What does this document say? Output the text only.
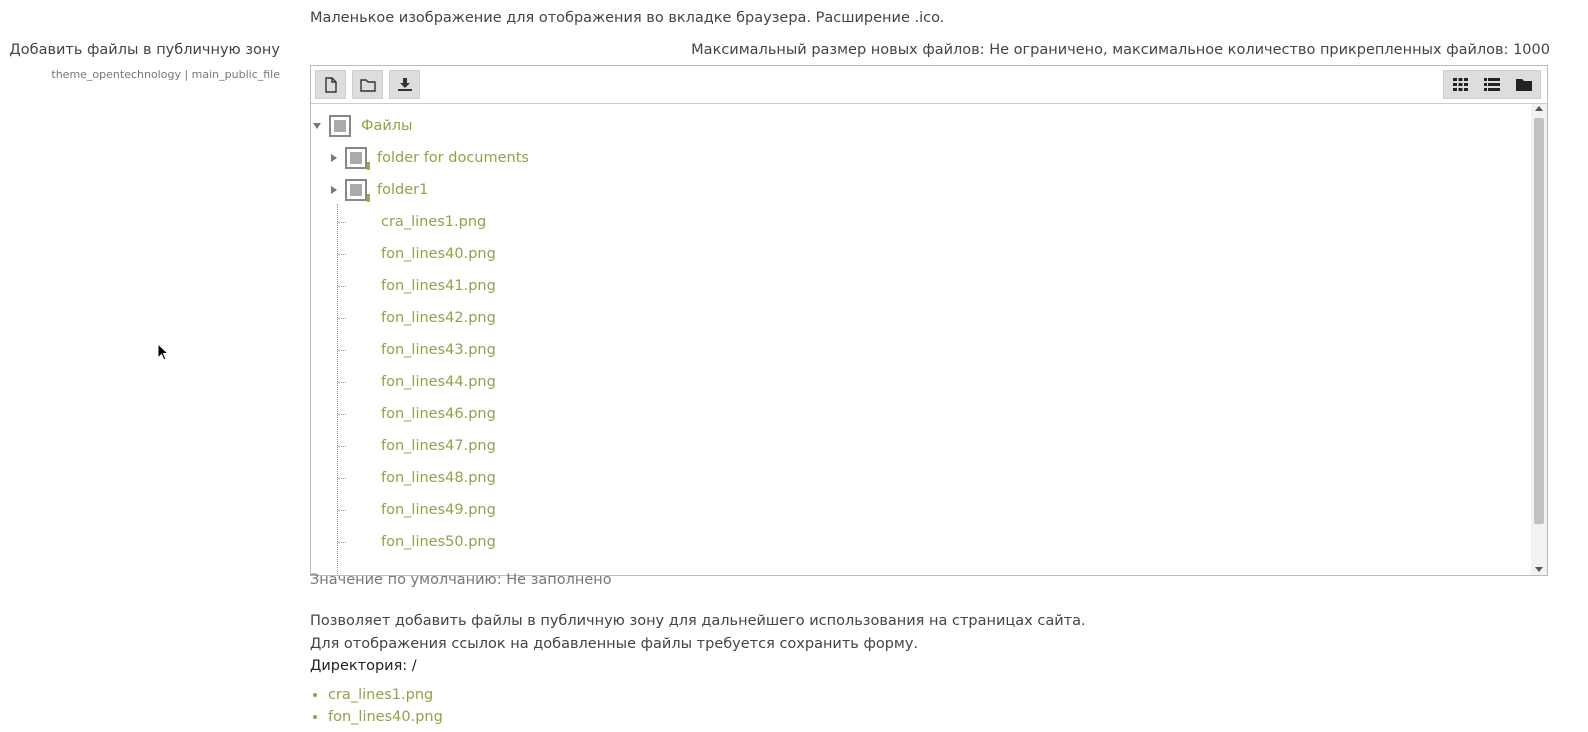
Маленькое изображение для отображения во вкладке браузера. Расширение .ico.
Добавить файлы в публичную зону
theme_opentechnology | main_public_file
Максимальный размер новых файлов: Не ограничено, максимальное количество прикрепленных файлов: 1000
Файлы
folder for documents
folder1
cra_lines1.png
fon_lines40.png
fon_lines41.png
fon_lines42.png
fon_lines43.png
fon_lines44.png
fon_lines46.png
fon_lines47.png
fon_lines48.png
fon_lines49.png
fon_lines50.png
Значение по умолчанию: Не заполнено
Позволяет добавить файлы в публичную зону для дальнейшего использования на страницах сайта.
Для отображения ссылок на добавленные файлы требуется сохранить форму.
Директория: /
• cra_lines1.png
• fon_lines40.png
